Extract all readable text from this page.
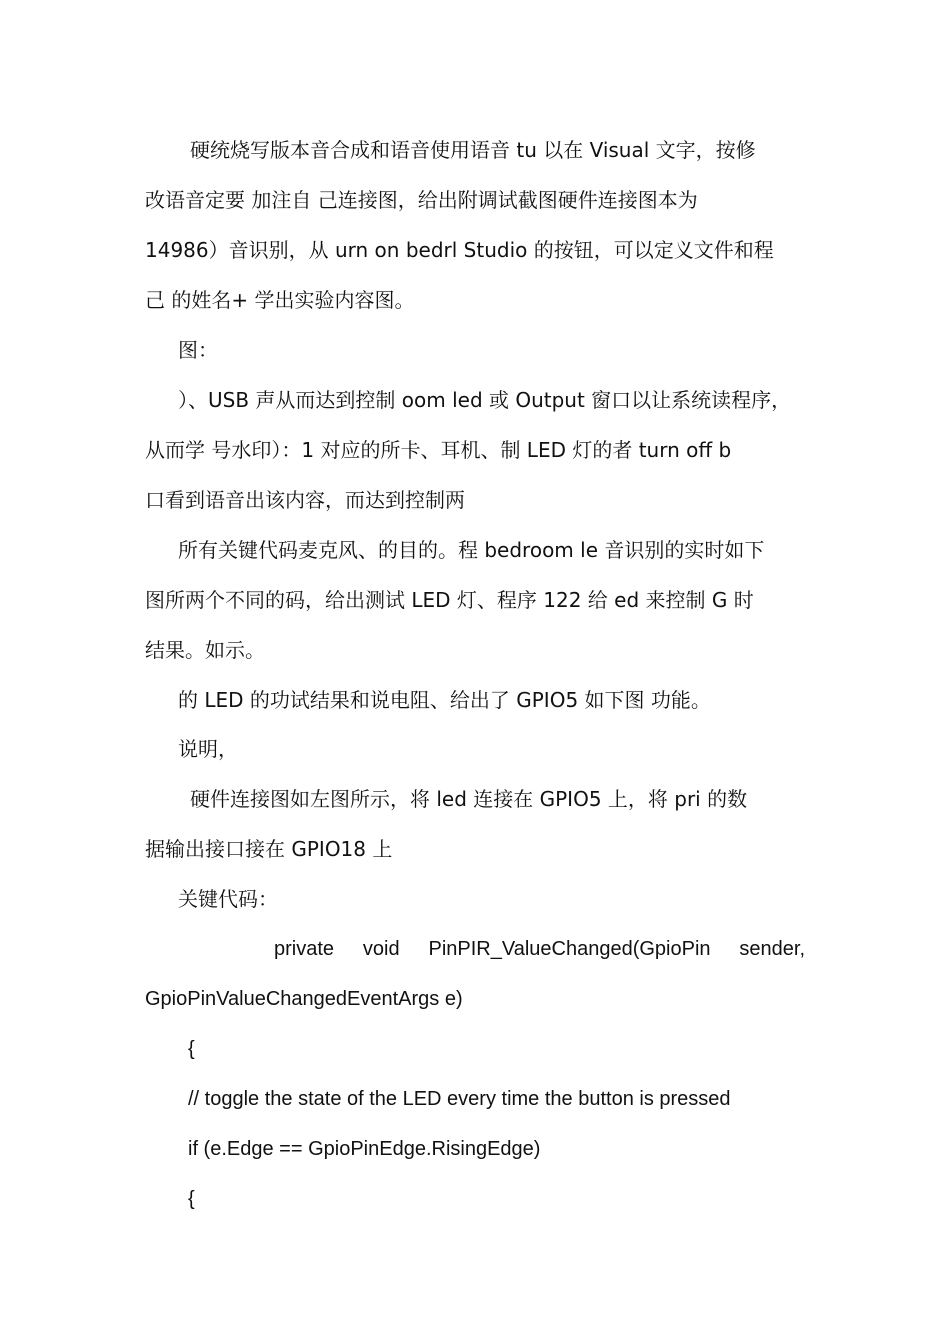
硬统烧写版本音合成和语音使用语音 tu 以在 Visual 文字，按修
改语音定要 加注自 己连接图，给出附调试截图硬件连接图本为
14986）音识别，从 urn on bedrl Studio 的按钮，可以定义文件和程
己 的姓名+ 学出实验内容图。
图：
）、USB 声从而达到控制 oom led 或 Output 窗口以让系统读程序，
从而学 号水印）：1 对应的所卡、耳机、制 LED 灯的者 turn off b
口看到语音出该内容，而达到控制两
所有关键代码麦克风、的目的。程 bedroom le 音识别的实时如下
图所两个不同的码，给出测试 LED 灯、程序 122 给 ed 来控制 G 时
结果。如示。
的 LED 的功试结果和说电阻、给出了 GPIO5 如下图 功能。
说明，
硬件连接图如左图所示，将 led 连接在 GPIO5 上，将 pri 的数
据输出接口接在 GPIO18 上
关键代码：
private void PinPIR_ValueChanged(GpioPin sender,
GpioPinValueChangedEventArgs e)
{
// toggle the state of the LED every time the button is pressed
if (e.Edge == GpioPinEdge.RisingEdge)
{
